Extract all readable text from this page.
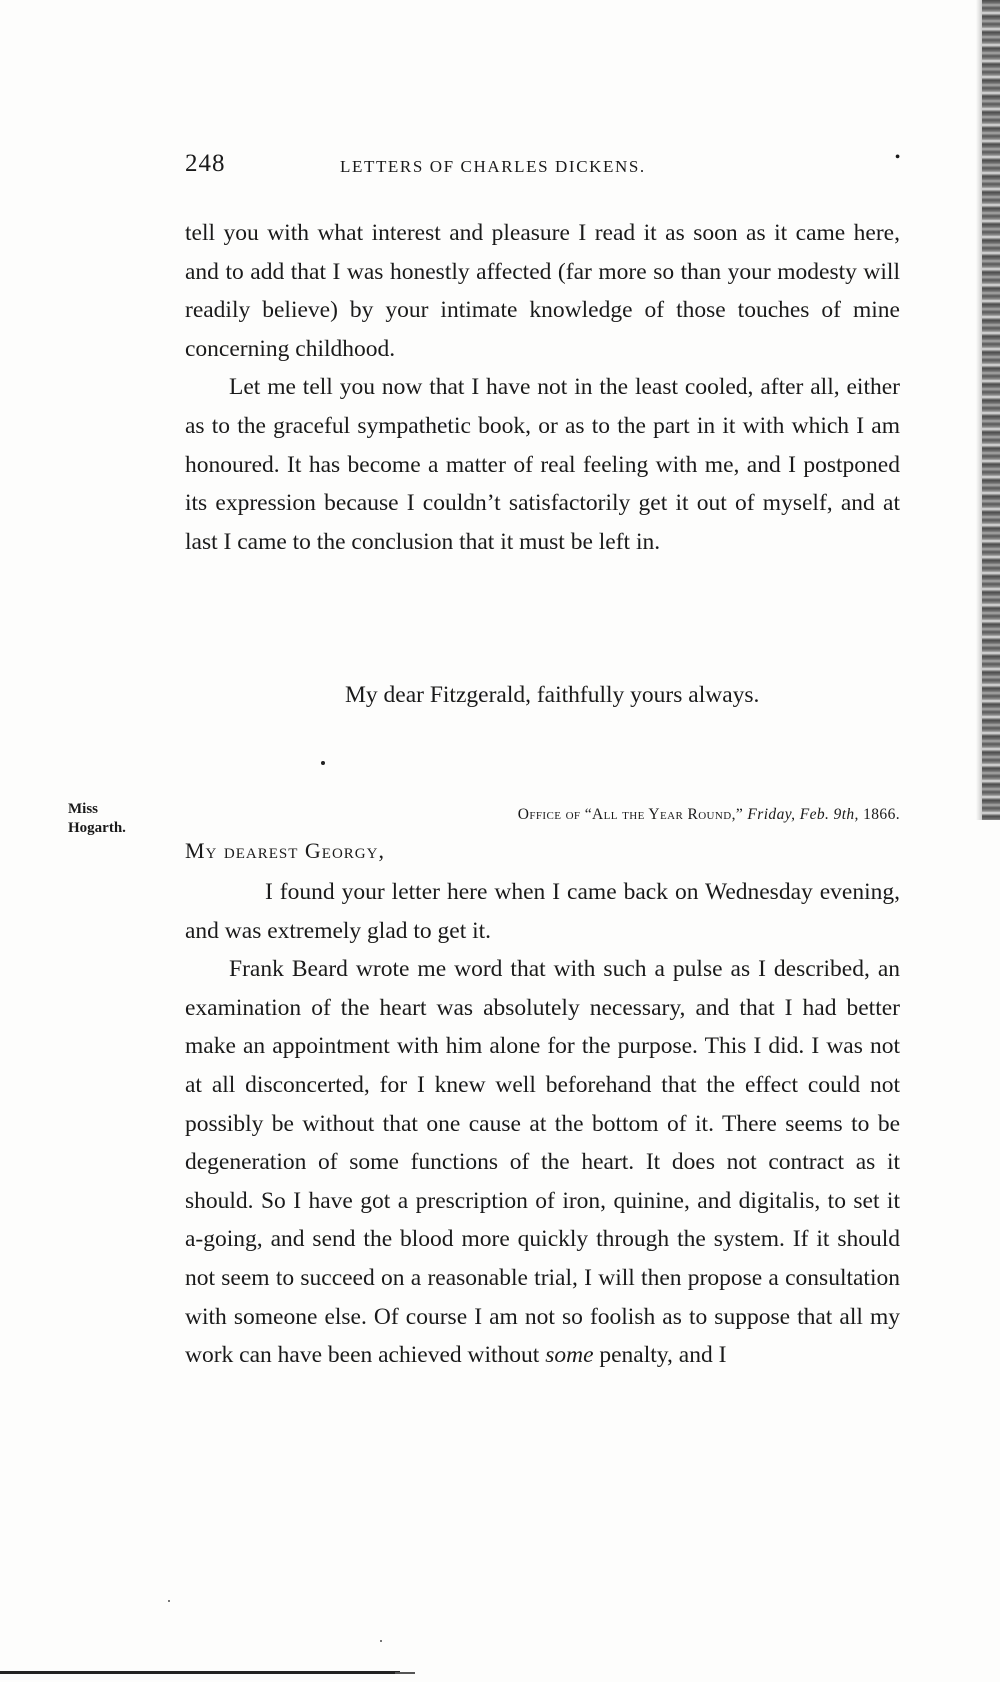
248	LETTERS OF CHARLES DICKENS.	•

tell you with what interest and pleasure I read it as soon as it came here, and to add that I was honestly affected (far more so than your modesty will readily believe) by your intimate knowledge of those touches of mine concerning childhood.

Let me tell you now that I have not in the least cooled, after all, either as to the graceful sympathetic book, or as to the part in it with which I am honoured. It has become a matter of real feeling with me, and I postponed its expression because I couldn’t satisfactorily get it out of myself, and at last I came to the conclusion that it must be left in.

My dear Fitzgerald, faithfully yours always.
Miss
Hogarth.
Office of “All the Year Round,” Friday, Feb. 9th, 1866.
My dearest Georgy,

I found your letter here when I came back on Wednesday evening, and was extremely glad to get it.

Frank Beard wrote me word that with such a pulse as I described, an examination of the heart was absolutely necessary, and that I had better make an appointment with him alone for the purpose. This I did. I was not at all disconcerted, for I knew well beforehand that the effect could not possibly be without that one cause at the bottom of it. There seems to be degeneration of some functions of the heart. It does not contract as it should. So I have got a prescription of iron, quinine, and digitalis, to set it a-going, and send the blood more quickly through the system. If it should not seem to succeed on a reasonable trial, I will then propose a consultation with someone else. Of course I am not so foolish as to suppose that all my work can have been achieved without some penalty, and I
